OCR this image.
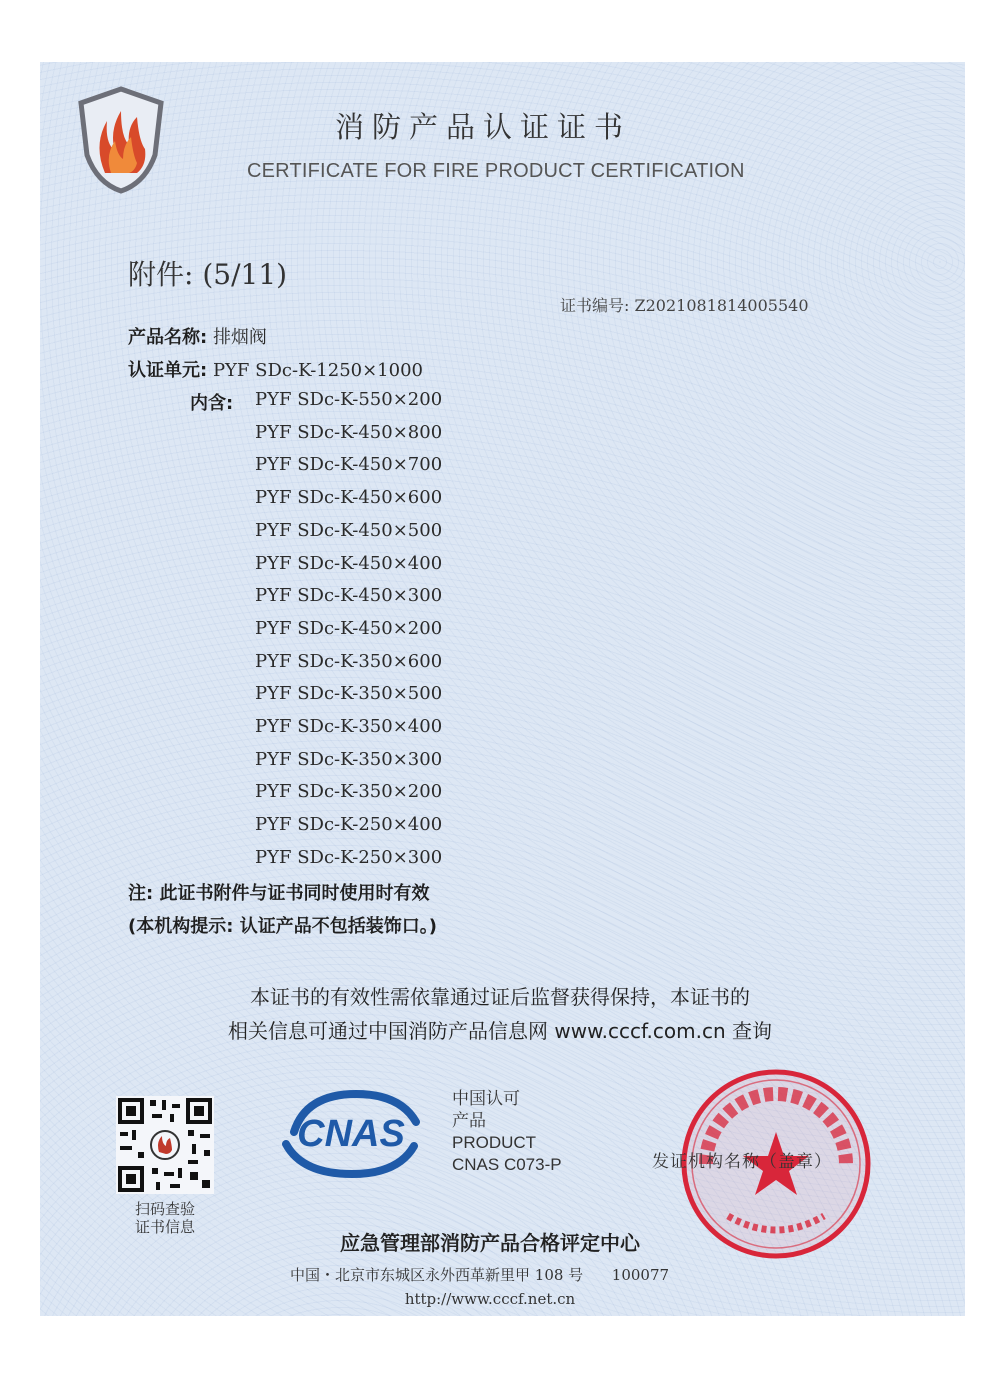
消防产品认证证书
CERTIFICATE FOR FIRE PRODUCT CERTIFICATION
附件: (5/11)
证书编号: Z2021081814005540
产品名称: 排烟阀
认证单元: PYF SDc-K-1250×1000
内含: PYF SDc-K-550×200
PYF SDc-K-450×800
PYF SDc-K-450×700
PYF SDc-K-450×600
PYF SDc-K-450×500
PYF SDc-K-450×400
PYF SDc-K-450×300
PYF SDc-K-450×200
PYF SDc-K-350×600
PYF SDc-K-350×500
PYF SDc-K-350×400
PYF SDc-K-350×300
PYF SDc-K-350×200
PYF SDc-K-250×400
PYF SDc-K-250×300
注: 此证书附件与证书同时使用时有效
(本机构提示: 认证产品不包括装饰口。)
本证书的有效性需依靠通过证后监督获得保持，本证书的
相关信息可通过中国消防产品信息网 www.cccf.com.cn 查询
扫码查验
证书信息
CNAS
中国认可
产品
PRODUCT
CNAS C073-P	发证机构名称（盖章）
应急管理部消防产品合格评定中心
中国・北京市东城区永外西革新里甲 108 号      100077
http://www.cccf.net.cn
